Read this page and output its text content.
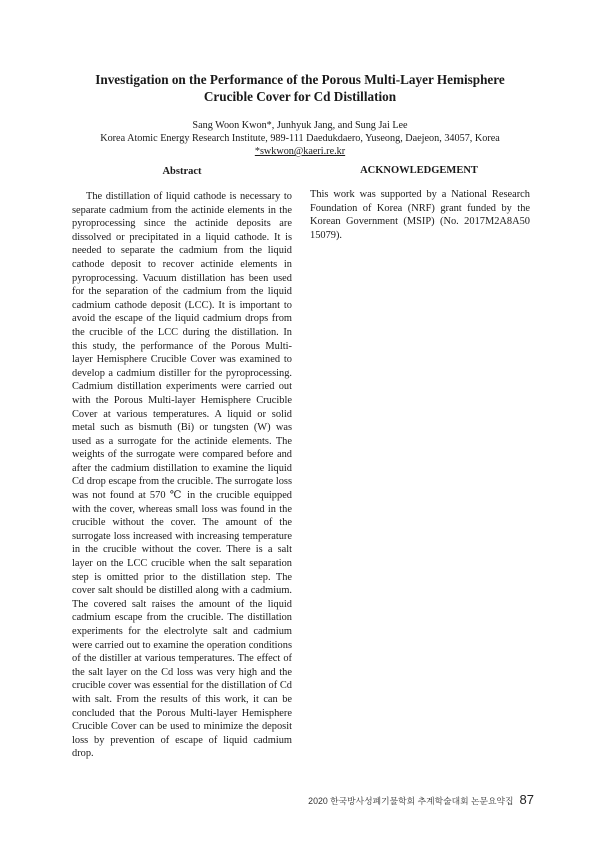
Investigation on the Performance of the Porous Multi-Layer Hemisphere
Crucible Cover for Cd Distillation
Sang Woon Kwon*, Junhyuk Jang, and Sung Jai Lee
Korea Atomic Energy Research Institute, 989-111 Daedukdaero, Yuseong, Daejeon, 34057, Korea
*swkwon@kaeri.re.kr
Abstract

The distillation of liquid cathode is necessary to separate cadmium from the actinide elements in the pyroprocessing since the actinide deposits are dissolved or precipitated in a liquid cathode. It is needed to separate the cadmium from the liquid cathode deposit to recover actinide elements in pyroprocessing. Vacuum distillation has been used for the separation of the cadmium from the liquid cadmium cathode deposit (LCC). It is important to avoid the escape of the liquid cadmium drops from the crucible of the LCC during the distillation. In this study, the performance of the Porous Multi-layer Hemisphere Crucible Cover was examined to develop a cadmium distiller for the pyroprocessing. Cadmium distillation experiments were carried out with the Porous Multi-layer Hemisphere Crucible Cover at various temperatures. A liquid or solid metal such as bismuth (Bi) or tungsten (W) was used as a surrogate for the actinide elements. The weights of the surrogate were compared before and after the cadmium distillation to examine the liquid Cd drop escape from the crucible. The surrogate loss was not found at 570 ℃ in the crucible equipped with the cover, whereas small loss was found in the crucible without the cover. The amount of the surrogate loss increased with increasing temperature in the crucible without the cover. There is a salt layer on the LCC crucible when the salt separation step is omitted prior to the distillation step. The cover salt should be distilled along with a cadmium. The covered salt raises the amount of the liquid cadmium escape from the crucible. The distillation experiments for the electrolyte salt and cadmium were carried out to examine the operation conditions of the distiller at various temperatures. The effect of the salt layer on the Cd loss was very high and the crucible cover was essential for the distillation of Cd with salt. From the results of this work, it can be concluded that the Porous Multi-layer Hemisphere Crucible Cover can be used to minimize the deposit loss by prevention of escape of liquid cadmium drop.

ACKNOWLEDGEMENT

This work was supported by a National Research Foundation of Korea (NRF) grant funded by the Korean Government (MSIP) (No. 2017M2A8A50 15079).

2020 한국방사성폐기물학회 추계학술대회 논문요약집 87
